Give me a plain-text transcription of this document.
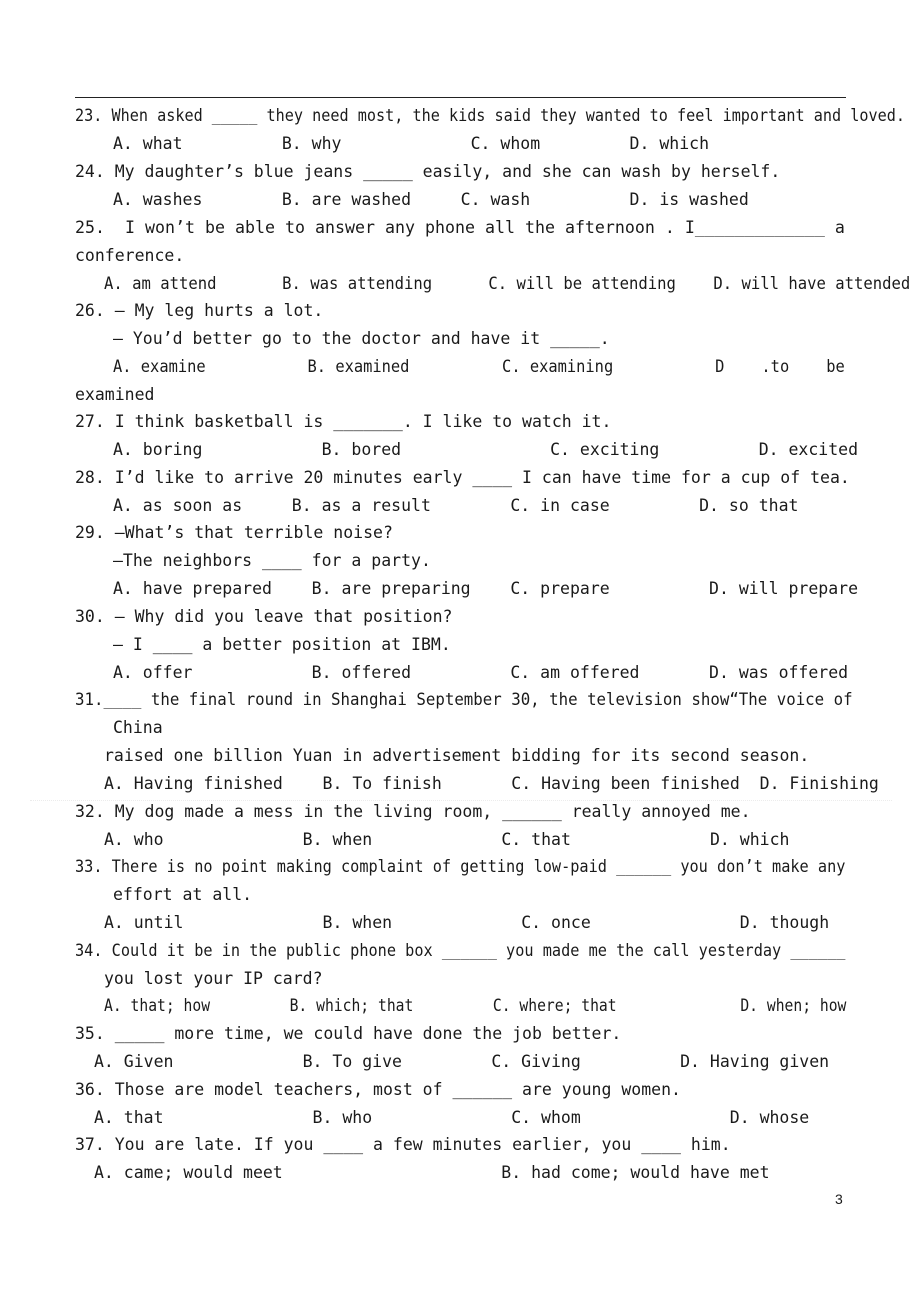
23. When asked _____ they need most, the kids said they wanted to feel important and loved.
A. what          B. why             C. whom         D. which
24. My daughter’s blue jeans _____ easily, and she can wash by herself.
A. washes        B. are washed     C. wash          D. is washed
25.  I won’t be able to answer any phone all the afternoon . I_____________ a
conference.
A. am attend       B. was attending      C. will be attending    D. will have attended
26. — My leg hurts a lot.
— You’d better go to the doctor and have it _____.
A. examine           B. examined          C. examining           D    .to    be
examined
27. I think basketball is _______. I like to watch it.
A. boring            B. bored               C. exciting          D. excited
28. I’d like to arrive 20 minutes early ____ I can have time for a cup of tea.
A. as soon as     B. as a result        C. in case         D. so that
29. —What’s that terrible noise?
—The neighbors ____ for a party.
A. have prepared    B. are preparing    C. prepare          D. will prepare
30. — Why did you leave that position?
— I ____ a better position at IBM.
A. offer            B. offered          C. am offered       D. was offered
31.____ the final round in Shanghai September 30, the television show“The voice of
China
raised one billion Yuan in advertisement bidding for its second season.
A. Having finished    B. To finish       C. Having been finished  D. Finishing
32. My dog made a mess in the living room, ______ really annoyed me.
A. who              B. when             C. that              D. which
33. There is no point making complaint of getting low-paid ______ you don’t make any
effort at all.
A. until              B. when             C. once               D. though
34. Could it be in the public phone box ______ you made me the call yesterday ______
you lost your IP card?
A. that; how         B. which; that         C. where; that              D. when; how
35. _____ more time, we could have done the job better.
A. Given             B. To give         C. Giving          D. Having given
36. Those are model teachers, most of ______ are young women.
A. that               B. who              C. whom               D. whose
37. You are late. If you ____ a few minutes earlier, you ____ him.
A. came; would meet                      B. had come; would have met
3
